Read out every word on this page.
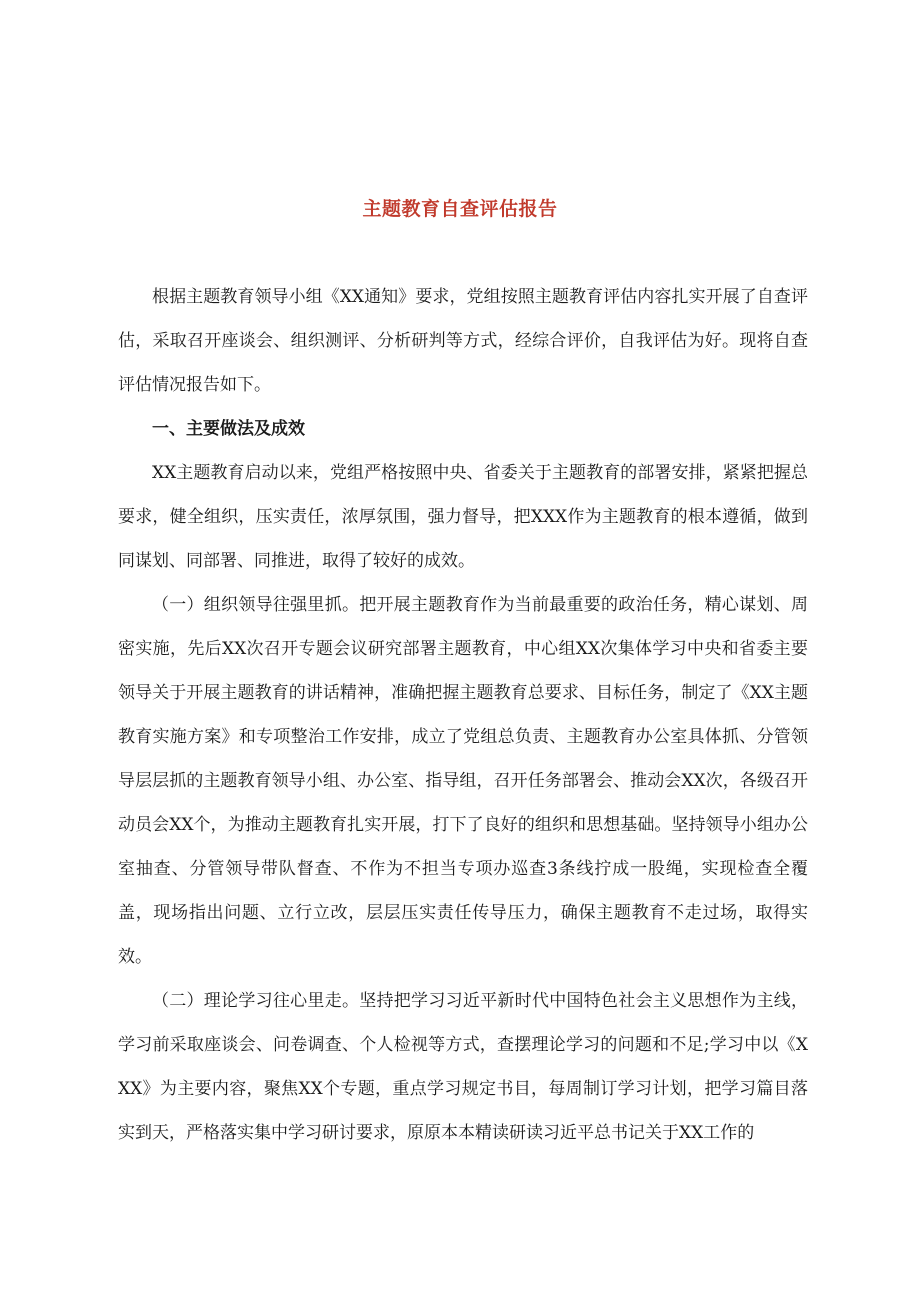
主题教育自查评估报告

根据主题教育领导小组《XX通知》要求，党组按照主题教育评估内容扎实开展了自查评估，采取召开座谈会、组织测评、分析研判等方式，经综合评价，自我评估为好。现将自查评估情况报告如下。

一、主要做法及成效

XX主题教育启动以来，党组严格按照中央、省委关于主题教育的部署安排，紧紧把握总要求，健全组织，压实责任，浓厚氛围，强力督导，把XXX作为主题教育的根本遵循，做到同谋划、同部署、同推进，取得了较好的成效。

（一）组织领导往强里抓。把开展主题教育作为当前最重要的政治任务，精心谋划、周密实施，先后XX次召开专题会议研究部署主题教育，中心组XX次集体学习中央和省委主要领导关于开展主题教育的讲话精神，准确把握主题教育总要求、目标任务，制定了《XX主题教育实施方案》和专项整治工作安排，成立了党组总负责、主题教育办公室具体抓、分管领导层层抓的主题教育领导小组、办公室、指导组，召开任务部署会、推动会XX次，各级召开动员会XX个，为推动主题教育扎实开展，打下了良好的组织和思想基础。坚持领导小组办公室抽查、分管领导带队督查、不作为不担当专项办巡查3条线拧成一股绳，实现检查全覆盖，现场指出问题、立行立改，层层压实责任传导压力，确保主题教育不走过场，取得实效。

（二）理论学习往心里走。坚持把学习习近平新时代中国特色社会主义思想作为主线，学习前采取座谈会、问卷调查、个人检视等方式，查摆理论学习的问题和不足;学习中以《XXX》为主要内容，聚焦XX个专题，重点学习规定书目，每周制订学习计划，把学习篇目落实到天，严格落实集中学习研讨要求，原原本本精读研读习近平总书记关于XX工作的
